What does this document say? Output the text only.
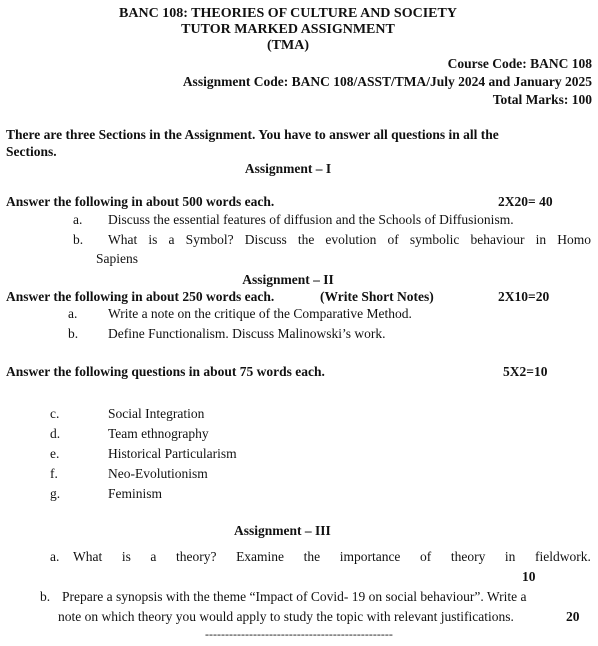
BANC 108: THEORIES OF CULTURE AND SOCIETY
TUTOR MARKED ASSIGNMENT
(TMA)
Course Code: BANC 108
Assignment Code: BANC 108/ASST/TMA/July 2024 and January 2025
Total Marks: 100
There are three Sections in the Assignment. You have to answer all questions in all the
Sections.
Assignment – I
Answer the following in about 500 words each.	2X20= 40
a. Discuss the essential features of diffusion and the Schools of Diffusionism.
b. What is a Symbol? Discuss the evolution of symbolic behaviour in Homo
Sapiens
Assignment – II
Answer the following in about 250 words each.	(Write Short Notes)	2X10=20
a. Write a note on the critique of the Comparative Method.
b. Define Functionalism. Discuss Malinowski’s work.
Answer the following questions in about 75 words each.	5X2=10
c.	Social Integration
d.	Team ethnography
e.	Historical Particularism
f.	Neo-Evolutionism
g.	Feminism
Assignment – III
a. What is a theory? Examine the importance of theory in fieldwork.
10
b. Prepare a synopsis with the theme “Impact of Covid- 19 on social behaviour”. Write a
note on which theory you would apply to study the topic with relevant justifications.	20
-----------------------------------------------
